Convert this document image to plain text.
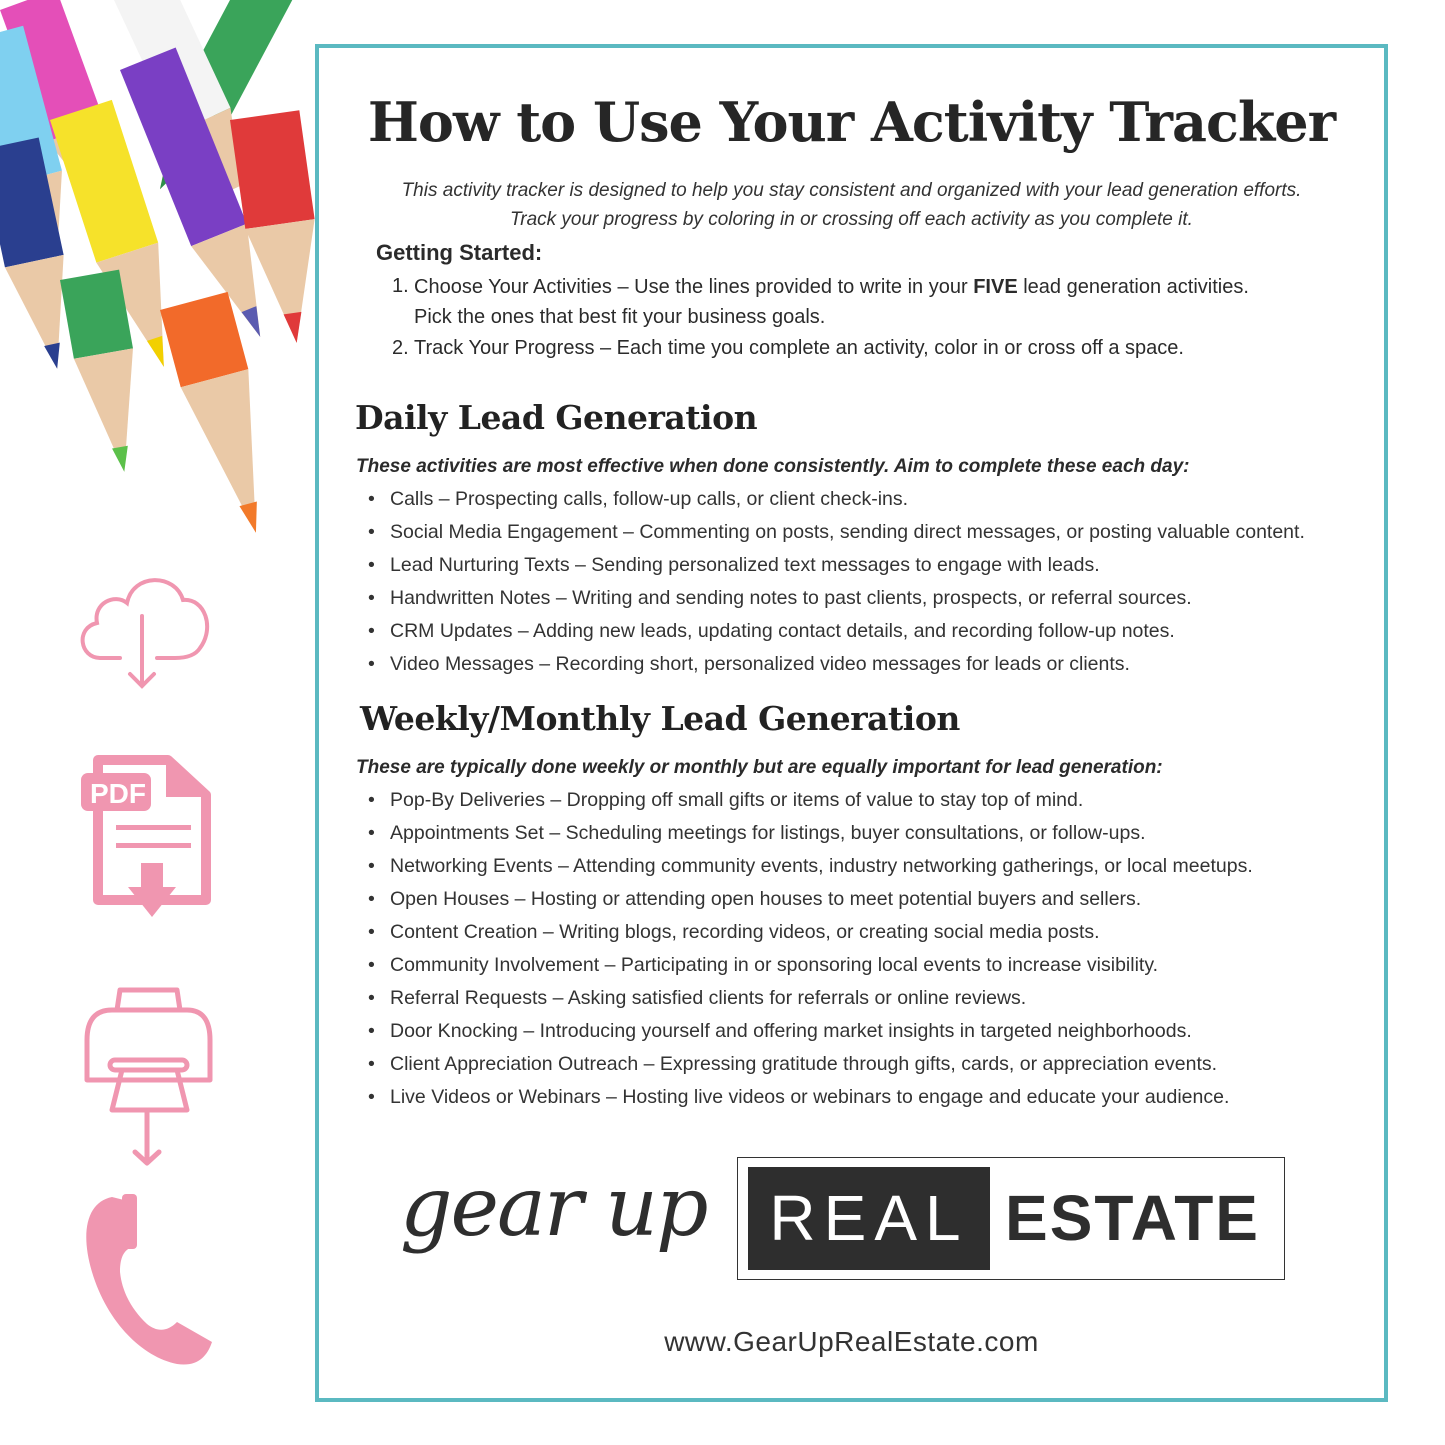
PDF
How to Use Your Activity Tracker

This activity tracker is designed to help you stay consistent and organized with your lead generation efforts.

Track your progress by coloring in or crossing off each activity as you complete it.

Getting Started:
1. Choose Your Activities – Use the lines provided to write in your FIVE lead generation activities.

Pick the ones that best fit your business goals.

2. Track Your Progress – Each time you complete an activity, color in or cross off a space.

Daily Lead Generation

These activities are most effective when done consistently. Aim to complete these each day:

• Calls – Prospecting calls, follow-up calls, or client check-ins.

• Social Media Engagement – Commenting on posts, sending direct messages, or posting valuable content.

• Lead Nurturing Texts – Sending personalized text messages to engage with leads.

• Handwritten Notes – Writing and sending notes to past clients, prospects, or referral sources.

• CRM Updates – Adding new leads, updating contact details, and recording follow-up notes.

• Video Messages – Recording short, personalized video messages for leads or clients.

Weekly/Monthly Lead Generation

These are typically done weekly or monthly but are equally important for lead generation:

• Pop-By Deliveries – Dropping off small gifts or items of value to stay top of mind.

• Appointments Set – Scheduling meetings for listings, buyer consultations, or follow-ups.

• Networking Events – Attending community events, industry networking gatherings, or local meetups.

• Open Houses – Hosting or attending open houses to meet potential buyers and sellers.

• Content Creation – Writing blogs, recording videos, or creating social media posts.

• Community Involvement – Participating in or sponsoring local events to increase visibility.

• Referral Requests – Asking satisfied clients for referrals or online reviews.

• Door Knocking – Introducing yourself and offering market insights in targeted neighborhoods.

• Client Appreciation Outreach – Expressing gratitude through gifts, cards, or appreciation events.

• Live Videos or Webinars – Hosting live videos or webinars to engage and educate your audience.

gear up REAL ESTATE
www.GearUpRealEstate.com
